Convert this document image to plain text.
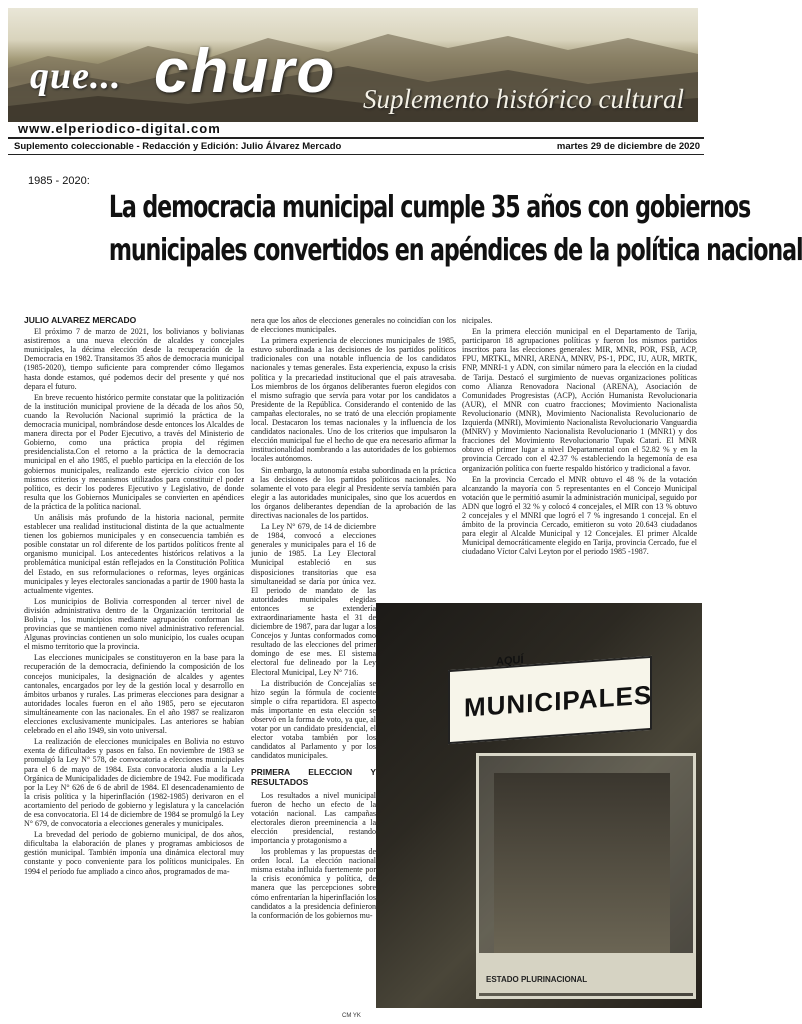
que... churo Suplemento histórico cultural
www.elperiodico-digital.com
Suplemento coleccionable - Redacción y Edición: Julio Álvarez Mercado	martes 29 de diciembre de 2020
1985 - 2020:
La democracia municipal cumple 35 años con gobiernos
municipales convertidos en apéndices de la política nacional

JULIO ALVAREZ MERCADO

El próximo 7 de marzo de 2021, los bolivianos y bolivianas asistiremos a una nueva elección de alcaldes y concejales municipales, la décima elección desde la recuperación de la Democracia en 1982. Transitamos 35 años de democracia municipal (1985-2020), tiempo suficiente para comprender cómo llegamos hasta donde estamos, qué podemos decir del presente y qué nos depara el futuro.

En breve recuento histórico permite constatar que la politización de la institución municipal proviene de la década de los años 50, cuando la Revolución Nacional suprimió la práctica de la democracia municipal, nombrándose desde entonces los Alcaldes de manera directa por el Poder Ejecutivo, a través del Ministerio de Gobierno, como una práctica propia del régimen presidencialista.Con el retorno a la práctica de la democracia municipal en el año 1985, el pueblo participa en la elección de los gobiernos municipales, realizando este ejercicio cívico con los mismos criterios y mecanismos utilizados para constituir el poder político, es decir los poderes Ejecutivo y Legislativo, de donde resulta que los Gobiernos Municipales se convierten en apéndices de la práctica de la política nacional.

Un análisis más profundo de la historia nacional, permite establecer una realidad institucional distinta de la que actualmente tienen los gobiernos municipales y en consecuencia también es posible constatar un rol diferente de los partidos políticos frente al organismo municipal. Los antecedentes históricos relativos a la problemática municipal están reflejados en la Constitución Política del Estado, en sus reformulaciones o reformas, leyes orgánicas municipales y leyes electorales sancionadas a partir de 1900 hasta la actualmente vigentes.

Los municipios de Bolivia corresponden al tercer nivel de división administrativa dentro de la Organización territorial de Bolivia , los municipios mediante agrupación conforman las provincias que se mantienen como nivel administrativo referencial. Algunas provincias contienen un solo municipio, los cuales ocupan el mismo territorio que la provincia.

Las elecciones municipales se constituyeron en la base para la recuperación de la democracia, definiendo la composición de los concejos municipales, la designación de alcaldes y agentes cantonales, encargados por ley de la gestión local y desarrollo en ámbitos urbanos y rurales. Las primeras elecciones para designar a autoridades locales fueron en el año 1985, pero se ejecutaron simultáneamente con las nacionales. En el año 1987 se realizaron elecciones exclusivamente municipales. Las anteriores se habían celebrado en el año 1949, sin voto universal.

La realización de elecciones municipales en Bolivia no estuvo exenta de dificultades y pasos en falso. En noviembre de 1983 se promulgó la Ley N° 578, de convocatoria a elecciones municipales para el 6 de mayo de 1984. Esta convocatoria aludía a la Ley Orgánica de Municipalidades de diciembre de 1942. Fue modificada por la Ley N° 626 de 6 de abril de 1984. El desencadenamiento de la crisis política y la hiperinflación (1982-1985) derivaron en el acortamiento del periodo de gobierno y legislatura y la cancelación de esa convocatoria. El 14 de diciembre de 1984 se promulgó la Ley N° 679, de convocatoria a elecciones generales y municipales.

La brevedad del periodo de gobierno municipal, de dos años, dificultaba la elaboración de planes y programas ambiciosos de gestión municipal. También imponía una dinámica electoral muy constante y poco conveniente para los políticos municipales. En 1994 el período fue ampliado a cinco años, programados de ma-

nera que los años de elecciones generales no coincidían con los de elecciones municipales.

La primera experiencia de elecciones municipales de 1985, estuvo subordinada a las decisiones de los partidos políticos tradicionales con una notable influencia de los candidatos nacionales y temas generales. Esta experiencia, expuso la crisis política y la precariedad institucional que el país atravesaba. Los miembros de los órganos deliberantes fueron elegidos con el mismo sufragio que servía para votar por los candidatos a Presidente de la República. Considerando el contenido de las campañas electorales, no se trató de una elección propiamente local. Destacaron los temas nacionales y la influencia de los candidatos nacionales. Uno de los criterios que impulsaron la elección municipal fue el hecho de que era necesario afirmar la institucionalidad nombrando a las autoridades de los gobiernos locales autónomos.

Sin embargo, la autonomía estaba subordinada en la práctica a las decisiones de los partidos políticos nacionales. No solamente el voto para elegir al Presidente servía también para elegir a las autoridades municipales, sino que los acuerdos en los órganos deliberantes dependían de la aprobación de las directivas nacionales de los partidos.

La Ley N° 679, de 14 de diciembre de 1984, convocó a elecciones generales y municipales para el 16 de junio de 1985. La Ley Electoral Municipal estableció en sus disposiciones transitorias que esa simultaneidad se daría por única vez. El periodo de mandato de las autoridades municipales elegidas entonces se extendería extraordinariamente hasta el 31 de diciembre de 1987, para dar lugar a los Concejos y Juntas conformados como resultado de las elecciones del primer domingo de ese mes. El sistema electoral fue delineado por la Ley Electoral Municipal, Ley N° 716.

La distribución de Concejalías se hizo según la fórmula de cociente simple o cifra repartidora. El aspecto más importante en esta elección se observó en la forma de voto, ya que, al votar por un candidato presidencial, el elector votaba también por los candidatos al Parlamento y por los candidatos municipales.

PRIMERA ELECCION Y RESULTADOS

Los resultados a nivel municipal fueron de hecho un efecto de la votación nacional. Las campañas electorales dieron preeminencia a la elección presidencial, restando importancia y protagonismo a

los problemas y las propuestas de orden local. La elección nacional misma estaba influida fuertemente por la crisis económica y política, de manera que las percepciones sobre cómo enfrentarían la hiperinflación los candidatos a la presidencia definieron la conformación de los gobiernos mu-

nicipales.

En la primera elección municipal en el Departamento de Tarija, participaron 18 agrupaciones políticas y fueron los mismos partidos inscritos para las elecciones generales: MIR, MNR, POR, FSB, ACP, FPU, MRTKL, MNRI, ARENA, MNRV, PS-1, PDC, IU, AUR, MRTK, FNP, MNRI-1 y ADN, con similar número para la elección en la ciudad de Tarija. Destacó el surgimiento de nuevas organizaciones políticas como Alianza Renovadora Nacional (ARENA), Asociación de Comunidades Progresistas (ACP), Acción Humanista Revolucionaria (AUR), el MNR con cuatro fracciones; Movimiento Nacionalista Revolucionario (MNR), Movimiento Nacionalista Revolucionario de Izquierda (MNRI), Movimiento Nacionalista Revolucionario Vanguardia (MNRV) y Movimiento Nacionalista Revolucionario 1 (MNR1) y dos fracciones del Movimiento Revolucionario Tupak Catari. El MNR obtuvo el primer lugar a nivel Departamental con el 52.82 % y en la provincia Cercado con el 42.37 % estableciendo la hegemonía de esa organización política con fuerte respaldo histórico y tradicional a favor.

En la provincia Cercado el MNR obtuvo el 48 % de la votación alcanzando la mayoría con 5 representantes en el Concejo Municipal votación que le permitió asumir la administración municipal, seguido por ADN que logró el 32 % y colocó 4 concejales, el MIR con 13 % obtuvo 2 concejales y el MNRI que logró el 7 % ingresando 1 concejal. En el ámbito de la provincia Cercado, emitieron su voto 20.643 ciudadanos para elegir al Alcalde Municipal y 12 Concejales. El primer Alcalde Municipal democráticamente elegido en Tarija, provincia Cercado, fue el ciudadano Víctor Calvi Leyton por el periodo 1985 -1987.

AQUÍ
MUNICIPALES
ESTADO PLURINACIONAL
CM YK
